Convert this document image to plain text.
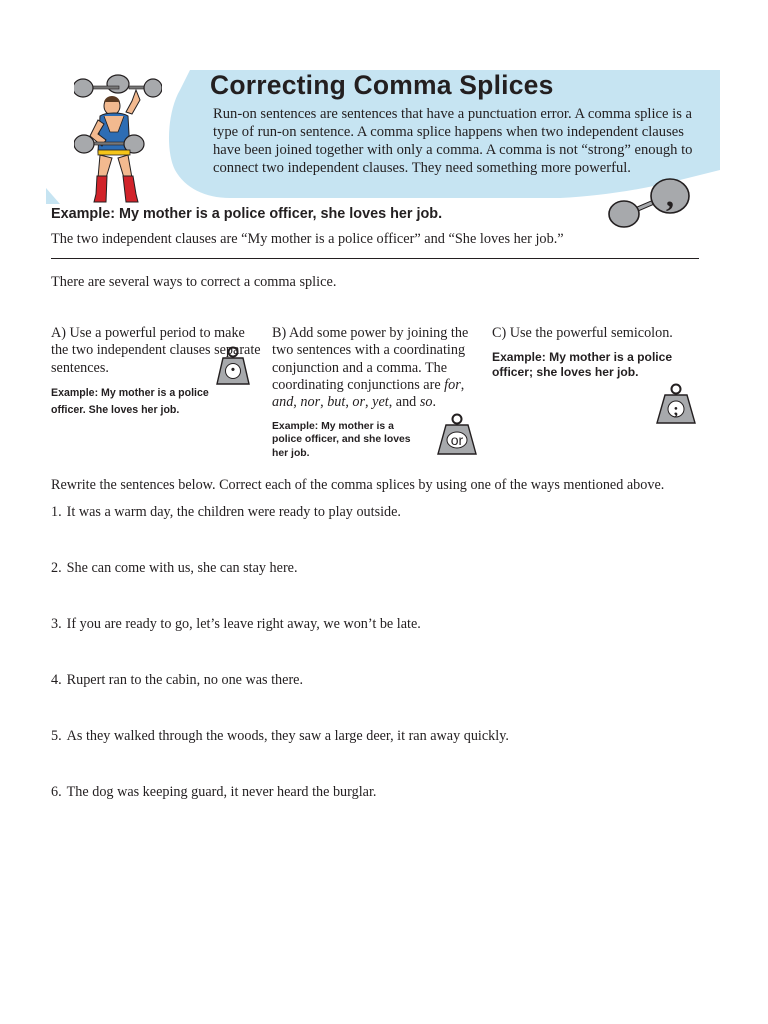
Correcting Comma Splices

Run-on sentences are sentences that have a punctuation error. A comma splice is a type of run-on sentence. A comma splice happens when two independent clauses have been joined together with only a comma. A comma is not “strong” enough to connect two independent clauses. They need something more powerful.

,

Example: My mother is a police officer, she loves her job.

The two independent clauses are “My mother is a police officer” and “She loves her job.”

There are several ways to correct a comma splice.

A) Use a powerful period to make the two independent clauses separate sentences.	·

Example: My mother is a police officer. She loves her job.

B) Add some power by joining the two sentences with a coordinating conjunction and a comma. The coordinating conjunctions are for, and, nor, but, or, yet, and so.

Example: My mother is a police officer, and she loves her job.

or

C) Use the powerful semicolon.

Example: My mother is a police officer; she loves her job.

;

Rewrite the sentences below. Correct each of the comma splices by using one of the ways mentioned above.

1. It was a warm day, the children were ready to play outside.
2. She can come with us, she can stay here.
3. If you are ready to go, let’s leave right away, we won’t be late.
4. Rupert ran to the cabin, no one was there.
5. As they walked through the woods, they saw a large deer, it ran away quickly.
6. The dog was keeping guard, it never heard the burglar.
